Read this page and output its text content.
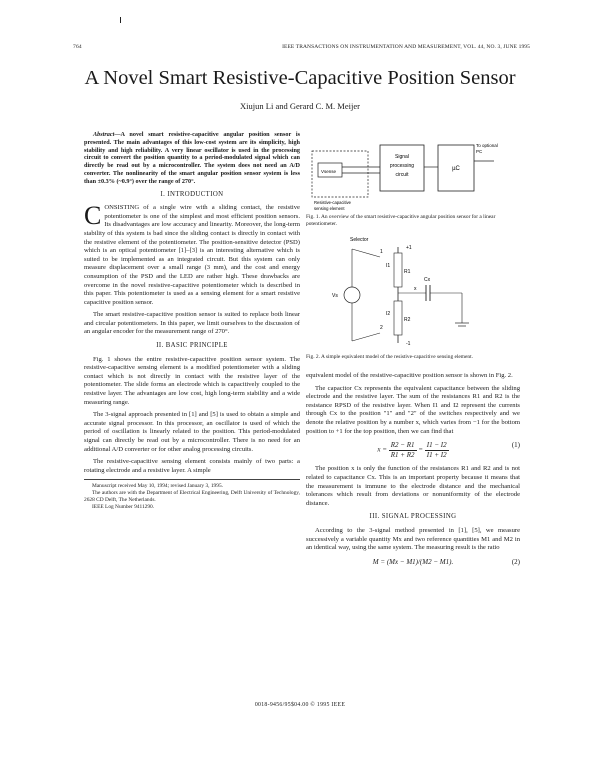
764	IEEE TRANSACTIONS ON INSTRUMENTATION AND MEASUREMENT, VOL. 44, NO. 3, JUNE 1995
A Novel Smart Resistive-Capacitive Position Sensor
Xiujun Li and Gerard C. M. Meijer

Abstract—A novel smart resistive-capacitive angular position sensor is presented. The main advantages of this low-cost system are its simplicity, high stability and high reliability. A very linear oscillator is used in the processing circuit to convert the position quantity to a period-modulated signal which can directly be read out by a microcontroller. The system does not need an A/D converter. The nonlinearity of the smart angular position sensor system is less than ±0.3% (~0.9°) over the range of 270°.

I. INTRODUCTION

CONSISTING of a single wire with a sliding contact, the resistive potentiometer is one of the simplest and most efficient position sensors. Its disadvantages are low accuracy and linearity. Moreover, the long-term stability of this system is bad since the sliding contact is directly in contact with the resistive element of the potentiometer. The position-sensitive detector (PSD) which is an optical potentiometer [1]–[3] is an interesting alternative which is suited to be implemented as an integrated circuit. But this system can only measure displacement over a small range (3 mm), and the cost and energy consumption of the PSD and the LED are rather high. These drawbacks are overcome in the novel resistive-capacitive potentiometer which is described in this paper. This potentiometer is used as a sensing element for a smart resistive capacitive position sensor.

The smart resistive-capacitive position sensor is suited to replace both linear and circular potentiometers. In this paper, we limit ourselves to the discussion of an angular encoder for the measurement range of 270°.

II. BASIC PRINCIPLE

Fig. 1 shows the entire resistive-capacitive position sensor system. The resistive-capacitive sensing element is a modified potentiometer with a sliding contact which is not directly in contact with the resistive layer of the potentiometer. The slide forms an electrode which is capacitively coupled to the resistive layer. The advantages are low cost, high long-term stability and a wide measuring range.

The 3-signal approach presented in [1] and [5] is used to obtain a simple and accurate signal processor. In this processor, an oscillator is used of which the period of oscillation is linearly related to the position. This period-modulated signal can directly be read out by a microcontroller. There is no need for an additional A/D converter or for other analog processing circuits.

The resistive-capacitive sensing element consists mainly of two parts: a rotating electrode and a resistive layer. A simple

Manuscript received May 10, 1994; revised January 3, 1995.
The authors are with the Department of Electrical Engineering, Delft University of Technology, 2628 CD Delft, The Netherlands.
IEEE Log Number 9411290.
Vsense
Signal
processing
circuit
µC
To optional
PC
Resistive-capacitive
sensing element
Fig. 1. An overview of the smart resistive-capacitive angular position sensor for a linear potentiometer.
Selector
Vs
1
2
R1
R2
+1
-1
x
Cx
I1
I2
Fig. 2. A simple equivalent model of the resistive-capacitive sensing element.

equivalent model of the resistive-capacitive position sensor is shown in Fig. 2.

The capacitor Cx represents the equivalent capacitance between the sliding electrode and the resistive layer. The sum of the resistances R1 and R2 is the resistance RPSD of the resistive layer. When I1 and I2 represent the currents through Cx to the position "1" and "2" of the switches respectively and we denote the relative position by a number x, which varies from −1 for the bottom position to +1 for the top position, then we can find that

$x = \frac{R2 - R1}{R1 + R2} = \frac{I1 - I2}{I1 + I2}$	(1)

The position x is only the function of the resistances R1 and R2 and is not related to capacitance Cx. This is an important property because it means that the measurement is immune to the electrode distance and the mechanical tolerances which result from deviations or nonuniformity of the electrode distance.

III. SIGNAL PROCESSING

According to the 3-signal method presented in [1], [5], we measure successively a variable quantity Mx and two reference quantities M1 and M2 in an identical way, using the same system. The measuring result is the ratio

M = (Mx − M1)/(M2 − M1).	(2)
0018-9456/95$04.00 © 1995 IEEE
